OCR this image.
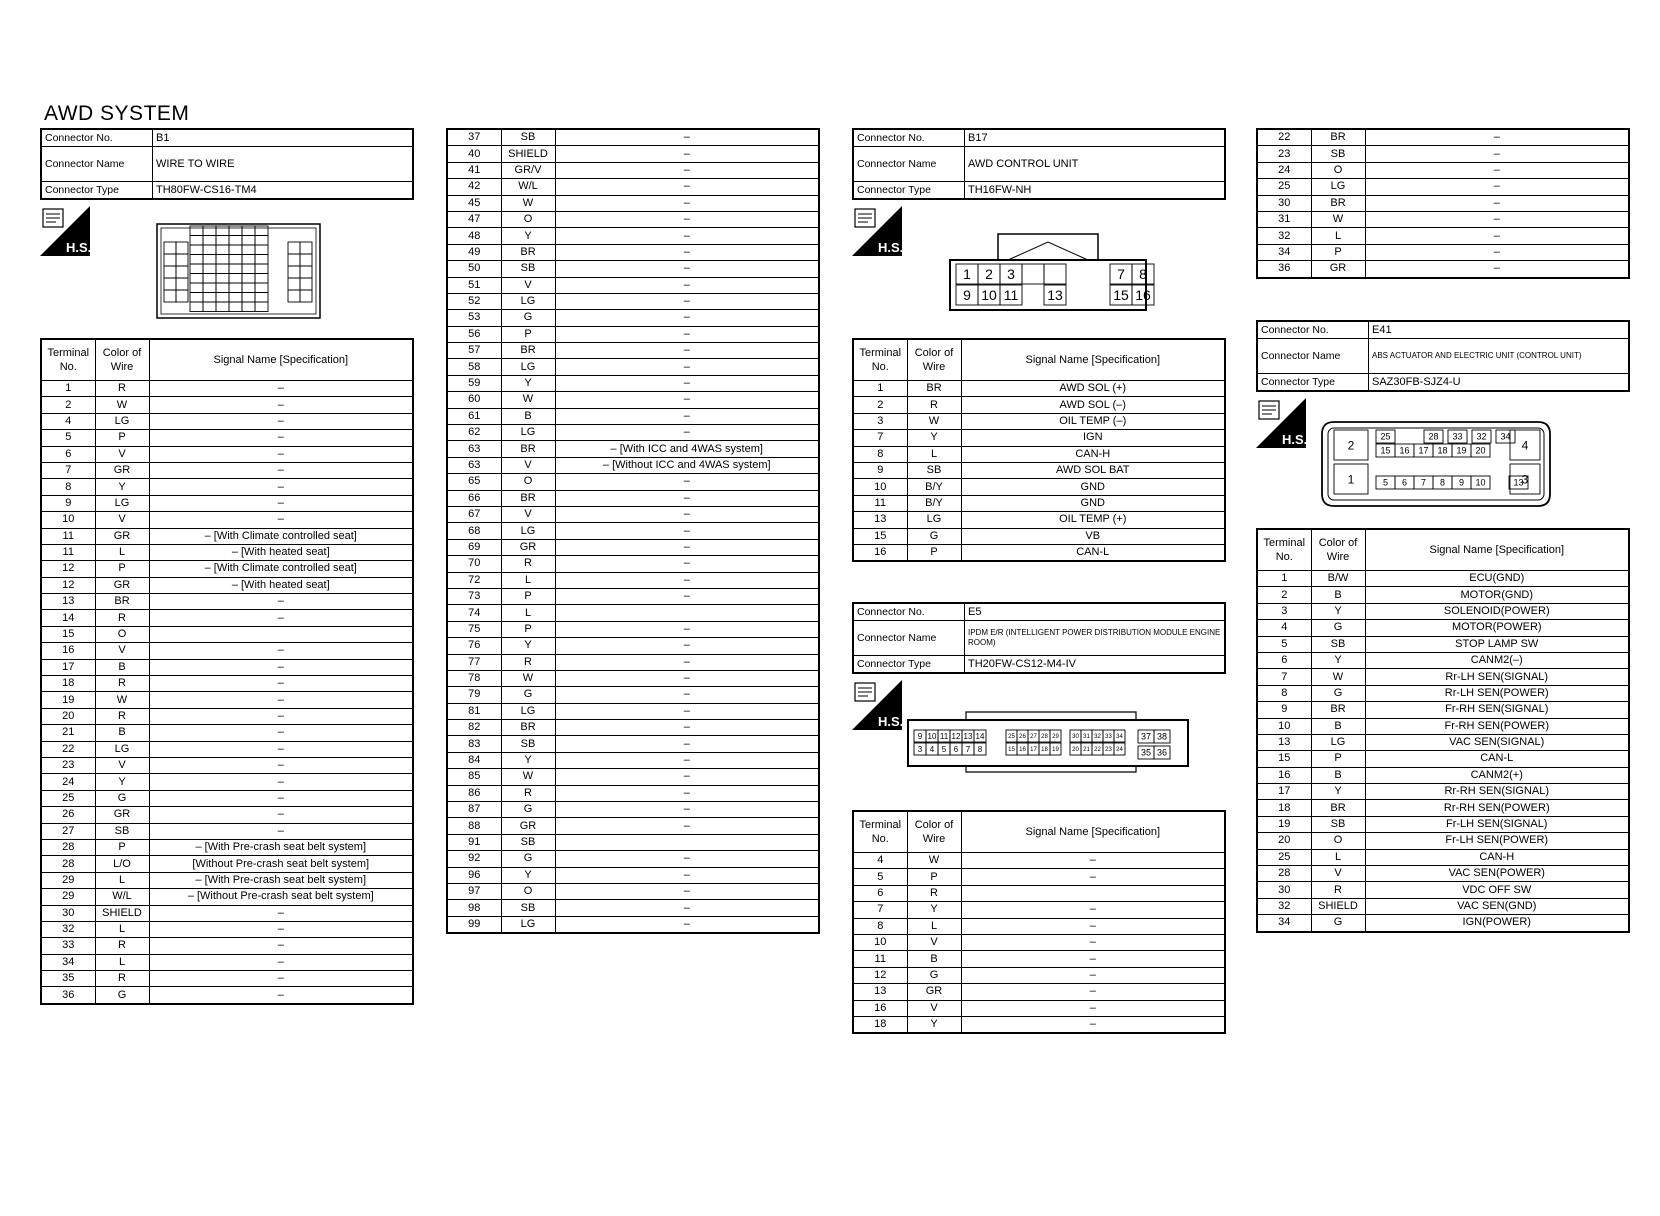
AWD SYSTEM
Connector No.	B1
Connector Name	WIRE TO WIRE
Connector Type	TH80FW-CS16-TM4
H.S.
Terminal No.	Color of Wire	Signal Name [Specification]
1	R	–
2	W	–
4	LG	–
5	P	–
6	V	–
7	GR	–
8	Y	–
9	LG	–
10	V	–
11	GR	– [With Climate controlled seat]
11	L	– [With heated seat]
12	P	– [With Climate controlled seat]
12	GR	– [With heated seat]
13	BR	–
14	R	–
15	O	
16	V	–
17	B	–
18	R	–
19	W	–
20	R	–
21	B	–
22	LG	–
23	V	–
24	Y	–
25	G	–
26	GR	–
27	SB	–
28	P	– [With Pre-crash seat belt system]
28	L/O	[Without Pre-crash seat belt system]
29	L	– [With Pre-crash seat belt system]
29	W/L	– [Without Pre-crash seat belt system]
30	SHIELD	–
32	L	–
33	R	–
34	L	–
35	R	–
36	G	–
37	SB	–
40	SHIELD	–
41	GR/V	–
42	W/L	–
45	W	–
47	O	–
48	Y	–
49	BR	–
50	SB	–
51	V	–
52	LG	–
53	G	–
56	P	–
57	BR	–
58	LG	–
59	Y	–
60	W	–
61	B	–
62	LG	–
63	BR	– [With ICC and 4WAS system]
63	V	– [Without ICC and 4WAS system]
65	O	–
66	BR	–
67	V	–
68	LG	–
69	GR	–
70	R	–
72	L	–
73	P	–
74	L	
75	P	–
76	Y	–
77	R	–
78	W	–
79	G	–
81	LG	–
82	BR	–
83	SB	–
84	Y	–
85	W	–
86	R	–
87	G	–
88	GR	–
91	SB	
92	G	–
96	Y	–
97	O	–
98	SB	–
99	LG	–
Connector No.	B17
Connector Name	AWD CONTROL UNIT
Connector Type	TH16FW-NH
H.S.
1 2 3	7 8
9 10 11 13	15 16
Terminal No.	Color of Wire	Signal Name [Specification]
1	BR	AWD SOL (+)
2	R	AWD SOL (–)
3	W	OIL TEMP (–)
7	Y	IGN
8	L	CAN-H
9	SB	AWD SOL BAT
10	B/Y	GND
11	B/Y	GND
13	LG	OIL TEMP (+)
15	G	VB
16	P	CAN-L
Connector No.	E5
Connector Name	IPDM E/R (INTELLIGENT POWER DISTRIBUTION MODULE ENGINE ROOM)
Connector Type	TH20FW-CS12-M4-IV
H.S.
9 10 11 12 13 14
3 4 5 6 7 8
25 26 27 28 29
15 16 17 18 19
30 31 32 33 34
20 21 22 23 24
37 38
35 36
Terminal No.	Color of Wire	Signal Name [Specification]
4	W	–
5	P	–
6	R	
7	Y	–
8	L	–
10	V	–
11	B	–
12	G	–
13	GR	–
16	V	–
18	Y	–
22	BR	–
23	SB	–
24	O	–
25	LG	–
30	BR	–
31	W	–
32	L	–
34	P	–
36	GR	–
Connector No.	E41
Connector Name	ABS ACTUATOR AND ELECTRIC UNIT (CONTROL UNIT)
Connector Type	SAZ30FB-SJZ4-U
H.S.	25	28 33 32 34
15 16 17 18 19 20
5 6 7 8 9 10	13
2
1
4
3
Terminal No.	Color of Wire	Signal Name [Specification]
1	B/W	ECU(GND)
2	B	MOTOR(GND)
3	Y	SOLENOID(POWER)
4	G	MOTOR(POWER)
5	SB	STOP LAMP SW
6	Y	CANM2(–)
7	W	Rr-LH SEN(SIGNAL)
8	G	Rr-LH SEN(POWER)
9	BR	Fr-RH SEN(SIGNAL)
10	B	Fr-RH SEN(POWER)
13	LG	VAC SEN(SIGNAL)
15	P	CAN-L
16	B	CANM2(+)
17	Y	Rr-RH SEN(SIGNAL)
18	BR	Rr-RH SEN(POWER)
19	SB	Fr-LH SEN(SIGNAL)
20	O	Fr-LH SEN(POWER)
25	L	CAN-H
28	V	VAC SEN(POWER)
30	R	VDC OFF SW
32	SHIELD	VAC SEN(GND)
34	G	IGN(POWER)
